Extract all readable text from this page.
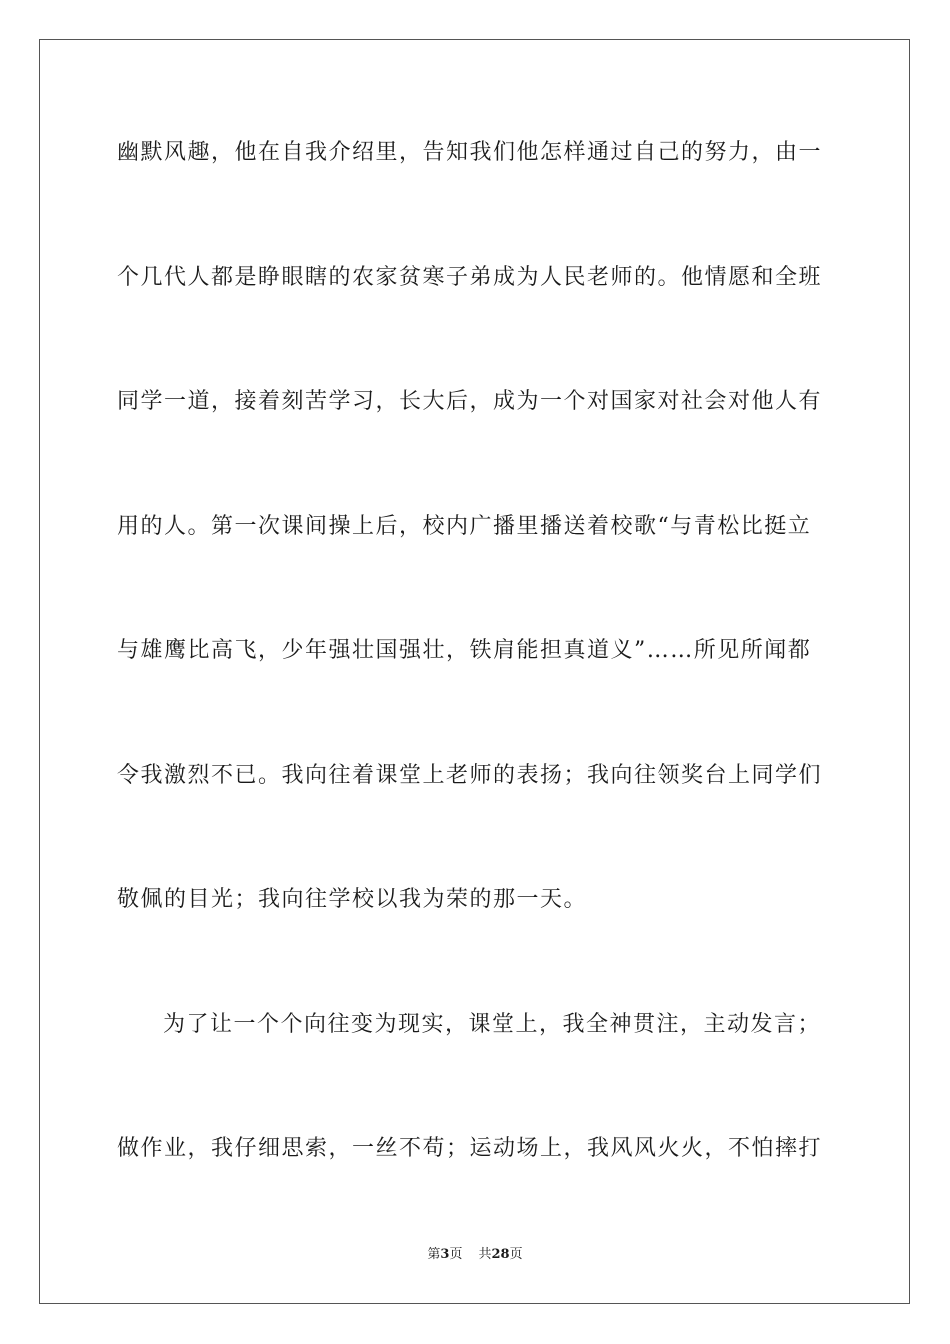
幽默风趣，他在自我介绍里，告知我们他怎样通过自己的努力，由一
个几代人都是睁眼瞎的农家贫寒子弟成为人民老师的。他情愿和全班
同学一道，接着刻苦学习，长大后，成为一个对国家对社会对他人有
用的人。第一次课间操上后，校内广播里播送着校歌“与青松比挺立
与雄鹰比高飞，少年强壮国强壮，铁肩能担真道义”……所见所闻都
令我激烈不已。我向往着课堂上老师的表扬；我向往领奖台上同学们
敬佩的目光；我向往学校以我为荣的那一天。
为了让一个个向往变为现实，课堂上，我全神贯注，主动发言；
做作业，我仔细思索，一丝不苟；运动场上，我风风火火，不怕摔打
第3页 共28页
